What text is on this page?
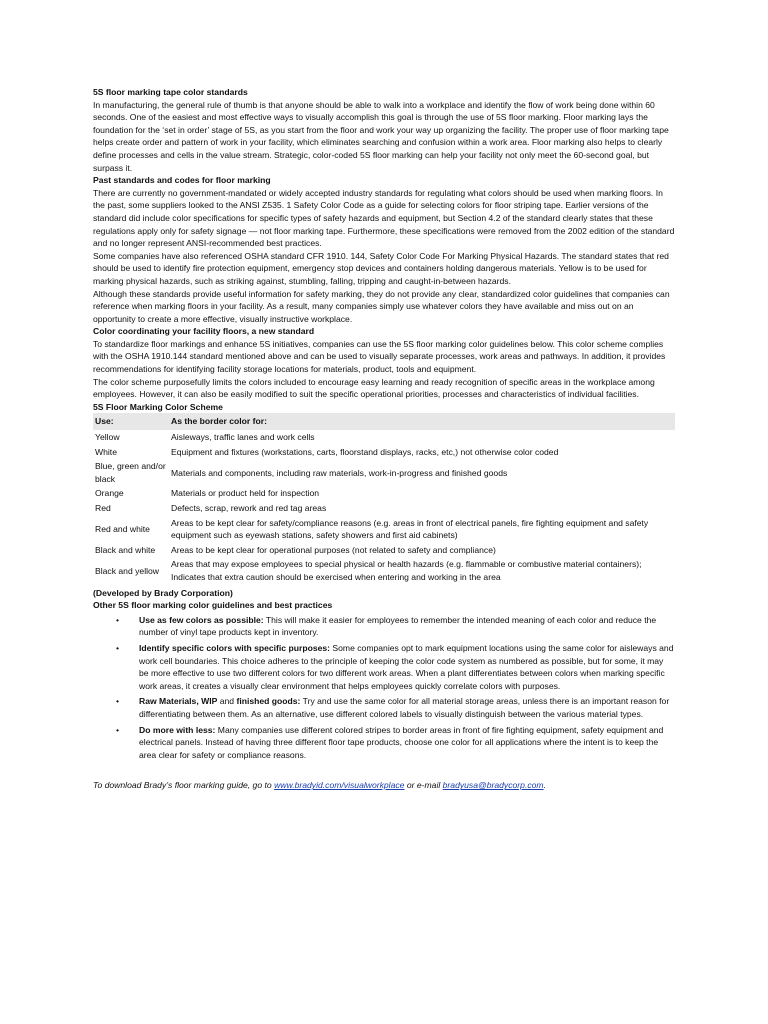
5S floor marking tape color standards

In manufacturing, the general rule of thumb is that anyone should be able to walk into a workplace and identify the flow of work being done within 60 seconds. One of the easiest and most effective ways to visually accomplish this goal is through the use of 5S floor marking. Floor marking lays the foundation for the ‘set in order’ stage of 5S, as you start from the floor and work your way up organizing the facility. The proper use of floor marking tape helps create order and pattern of work in your facility, which eliminates searching and confusion within a work area. Floor marking also helps to clearly define processes and cells in the value stream. Strategic, color-coded 5S floor marking can help your facility not only meet the 60-second goal, but surpass it.

Past standards and codes for floor marking

There are currently no government-mandated or widely accepted industry standards for regulating what colors should be used when marking floors. In the past, some suppliers looked to the ANSI Z535. 1 Safety Color Code as a guide for selecting colors for floor striping tape. Earlier versions of the standard did include color specifications for specific types of safety hazards and equipment, but Section 4.2 of the standard clearly states that these regulations apply only for safety signage — not floor marking tape. Furthermore, these specifications were removed from the 2002 edition of the standard and no longer represent ANSI-recommended best practices.

Some companies have also referenced OSHA standard CFR 1910. 144, Safety Color Code For Marking Physical Hazards. The standard states that red should be used to identify fire protection equipment, emergency stop devices and containers holding dangerous materials. Yellow is to be used for marking physical hazards, such as striking against, stumbling, falling, tripping and caught-in-between hazards.

Although these standards provide useful information for safety marking, they do not provide any clear, standardized color guidelines that companies can reference when marking floors in your facility. As a result, many companies simply use whatever colors they have available and miss out on an opportunity to create a more effective, visually instructive workplace.

Color coordinating your facility floors, a new standard

To standardize floor markings and enhance 5S initiatives, companies can use the 5S floor marking color guidelines below. This color scheme complies with the OSHA 1910.144 standard mentioned above and can be used to visually separate processes, work areas and pathways. In addition, it provides recommendations for identifying facility storage locations for materials, product, tools and equipment.

The color scheme purposefully limits the colors included to encourage easy learning and ready recognition of specific areas in the workplace among employees. However, it can also be easily modified to suit the specific operational priorities, processes and characteristics of individual facilities.

5S Floor Marking Color Scheme
Use:	As the border color for:
Yellow	Aisleways, traffic lanes and work cells
White	Equipment and fixtures (workstations, carts, floorstand displays, racks, etc,) not otherwise color coded
Blue, green and/or black	Materials and components, including raw materials, work-in-progress and finished goods
Orange	Materials or product held for inspection
Red	Defects, scrap, rework and red tag areas
Red and white	Areas to be kept clear for safety/compliance reasons (e.g. areas in front of electrical panels, fire fighting equipment and safety equipment such as eyewash stations, safety showers and first aid cabinets)
Black and white	Areas to be kept clear for operational purposes (not related to safety and compliance)
Black and yellow	Areas that may expose employees to special physical or health hazards (e.g. flammable or combustive material containers); Indicates that extra caution should be exercised when entering and working in the area
(Developed by Brady Corporation)
Other 5S floor marking color guidelines and best practices
• Use as few colors as possible: This will make it easier for employees to remember the intended meaning of each color and reduce the number of vinyl tape products kept in inventory.
• Identify specific colors with specific purposes: Some companies opt to mark equipment locations using the same color for aisleways and work cell boundaries. This choice adheres to the principle of keeping the color code system as numbered as possible, but for some, it may be more effective to use two different colors for two different work areas. When a plant differentiates between colors when marking specific work areas, it creates a visually clear environment that helps employees quickly correlate colors with purposes.
• Raw Materials, WIP and finished goods: Try and use the same color for all material storage areas, unless there is an important reason for differentiating between them. As an alternative, use different colored labels to visually distinguish between the various material types.
• Do more with less: Many companies use different colored stripes to border areas in front of fire fighting equipment, safety equipment and electrical panels. Instead of having three different floor tape products, choose one color for all applications where the intent is to keep the area clear for safety or compliance reasons.

To download Brady’s floor marking guide, go to www.bradyid.com/visualworkplace or e-mail bradyusa@bradycorp.com.
